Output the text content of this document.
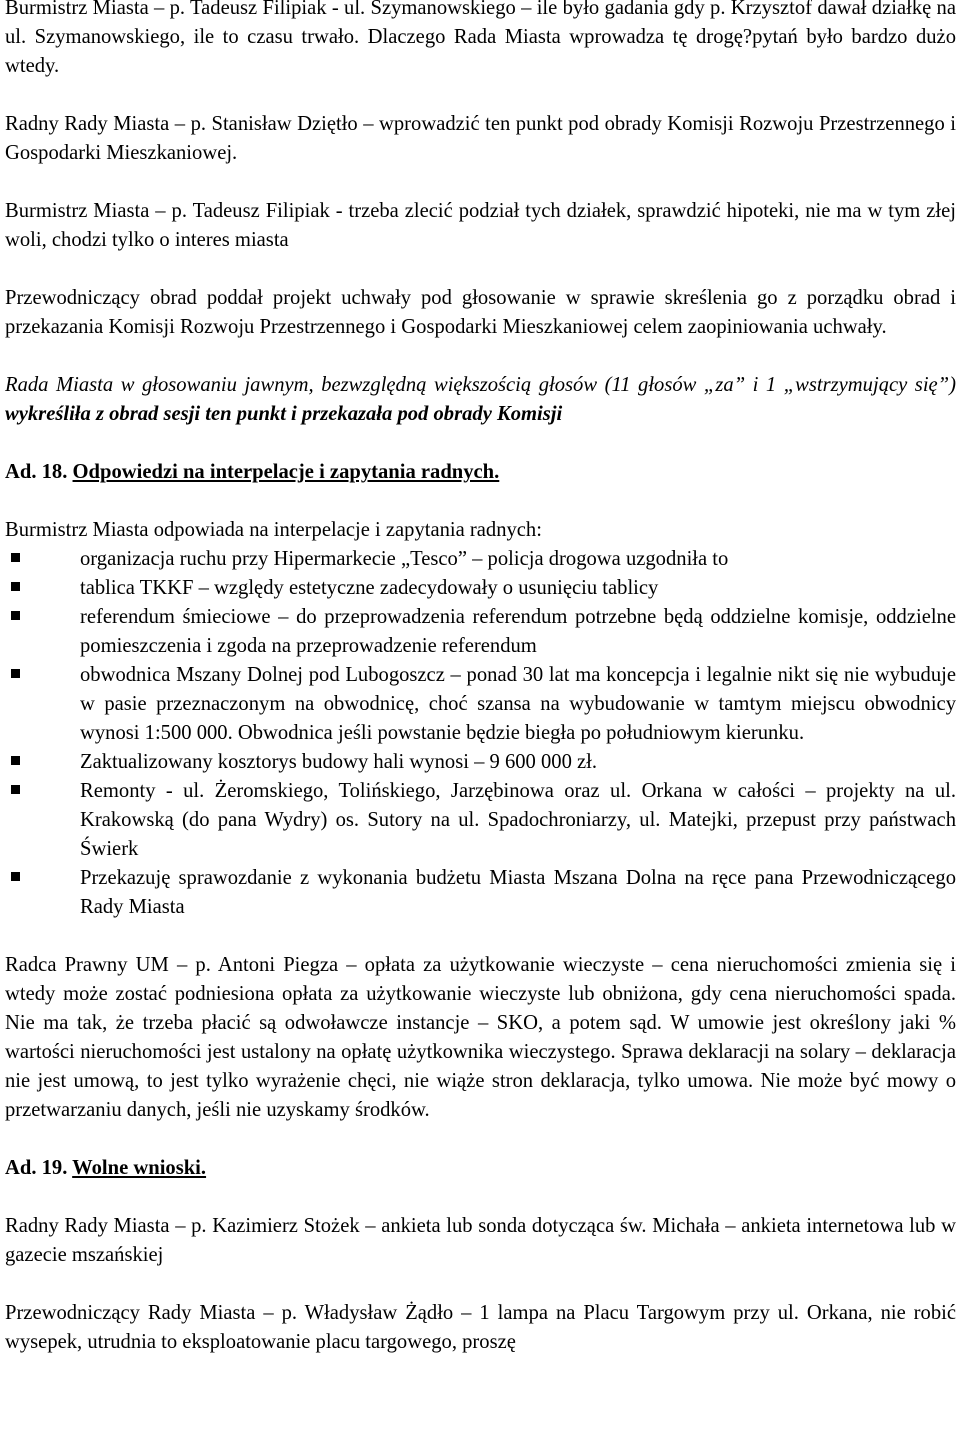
Burmistrz Miasta – p. Tadeusz Filipiak - ul. Szymanowskiego – ile było gadania gdy p. Krzysztof dawał działkę na ul. Szymanowskiego, ile to czasu trwało. Dlaczego Rada Miasta wprowadza tę drogę?pytań było bardzo dużo wtedy.

Radny Rady Miasta – p. Stanisław Dziętło – wprowadzić ten punkt pod obrady Komisji Rozwoju Przestrzennego i Gospodarki Mieszkaniowej.

Burmistrz Miasta – p. Tadeusz Filipiak - trzeba zlecić podział tych działek, sprawdzić hipoteki, nie ma w tym złej woli, chodzi tylko o interes miasta

Przewodniczący obrad poddał projekt uchwały pod głosowanie w sprawie skreślenia go z porządku obrad i przekazania Komisji Rozwoju Przestrzennego i Gospodarki Mieszkaniowej celem zaopiniowania uchwały.

Rada Miasta w głosowaniu jawnym, bezwzględną większością głosów (11 głosów „za” i 1 „wstrzymujący się”) wykreśliła z obrad sesji ten punkt i przekazała pod obrady Komisji

Ad. 18. Odpowiedzi na interpelacje i zapytania radnych.

Burmistrz Miasta odpowiada na interpelacje i zapytania radnych:

organizacja ruchu przy Hipermarkecie „Tesco” – policja drogowa uzgodniła to
tablica TKKF – względy estetyczne zadecydowały o usunięciu tablicy
referendum śmieciowe – do przeprowadzenia referendum potrzebne będą oddzielne komisje, oddzielne pomieszczenia i zgoda na przeprowadzenie referendum
obwodnica Mszany Dolnej pod Lubogoszcz – ponad 30 lat ma koncepcja i legalnie nikt się nie wybuduje w pasie przeznaczonym na obwodnicę, choć szansa na wybudowanie w tamtym miejscu obwodnicy wynosi 1:500 000. Obwodnica jeśli powstanie będzie biegła po południowym kierunku.
Zaktualizowany kosztorys budowy hali wynosi – 9 600 000 zł.
Remonty - ul. Żeromskiego, Tolińskiego, Jarzębinowa oraz ul. Orkana w całości – projekty na ul. Krakowską (do pana Wydry) os. Sutory na ul. Spadochroniarzy, ul. Matejki, przepust przy państwach Świerk
Przekazuję sprawozdanie z wykonania budżetu Miasta Mszana Dolna na ręce pana Przewodniczącego Rady Miasta

Radca Prawny UM – p. Antoni Piegza – opłata za użytkowanie wieczyste – cena nieruchomości zmienia się i wtedy może zostać podniesiona opłata za użytkowanie wieczyste lub obniżona, gdy cena nieruchomości spada. Nie ma tak, że trzeba płacić są odwoławcze instancje – SKO, a potem sąd. W umowie jest określony jaki % wartości nieruchomości jest ustalony na opłatę użytkownika wieczystego. Sprawa deklaracji na solary – deklaracja nie jest umową, to jest tylko wyrażenie chęci, nie wiąże stron deklaracja, tylko umowa. Nie może być mowy o przetwarzaniu danych, jeśli nie uzyskamy środków.

Ad. 19. Wolne wnioski.

Radny Rady Miasta – p. Kazimierz Stożek – ankieta lub sonda dotycząca św. Michała – ankieta internetowa lub w gazecie mszańskiej

Przewodniczący Rady Miasta – p. Władysław Żądło – 1 lampa na Placu Targowym przy ul. Orkana, nie robić wysepek, utrudnia to eksploatowanie placu targowego, proszę
